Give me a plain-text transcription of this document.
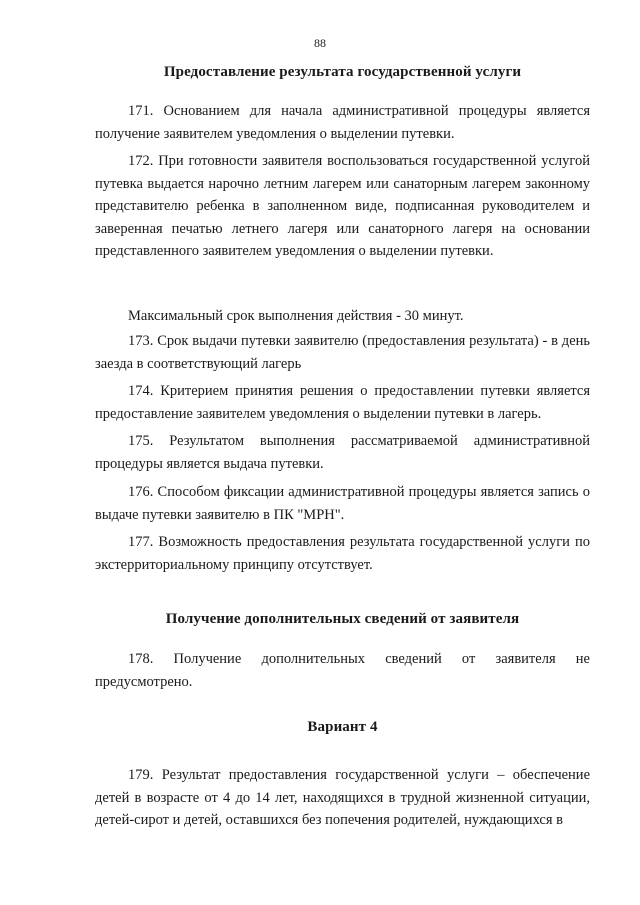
88
Предоставление результата государственной услуги

171. Основанием для начала административной процедуры является получение заявителем уведомления о выделении путевки.

172. При готовности заявителя воспользоваться государственной услугой путевка выдается нарочно летним лагерем или санаторным лагерем законному представителю ребенка в заполненном виде, подписанная руководителем и заверенная печатью летнего лагеря или санаторного лагеря на основании представленного заявителем уведомления о выделении путевки.

Максимальный срок выполнения действия - 30 минут.

173. Срок выдачи путевки заявителю (предоставления результата) - в день заезда в соответствующий лагерь

174. Критерием принятия решения о предоставлении путевки является предоставление заявителем уведомления о выделении путевки в лагерь.

175. Результатом выполнения рассматриваемой административной процедуры является выдача путевки.

176. Способом фиксации административной процедуры является запись о выдаче путевки заявителю в ПК "МРН".

177. Возможность предоставления результата государственной услуги по экстерриториальному принципу отсутствует.

Получение дополнительных сведений от заявителя

178. Получение дополнительных сведений от заявителя не предусмотрено.

Вариант 4

179. Результат предоставления государственной услуги – обеспечение детей в возрасте от 4 до 14 лет, находящихся в трудной жизненной ситуации, детей-сирот и детей, оставшихся без попечения родителей, нуждающихся в
